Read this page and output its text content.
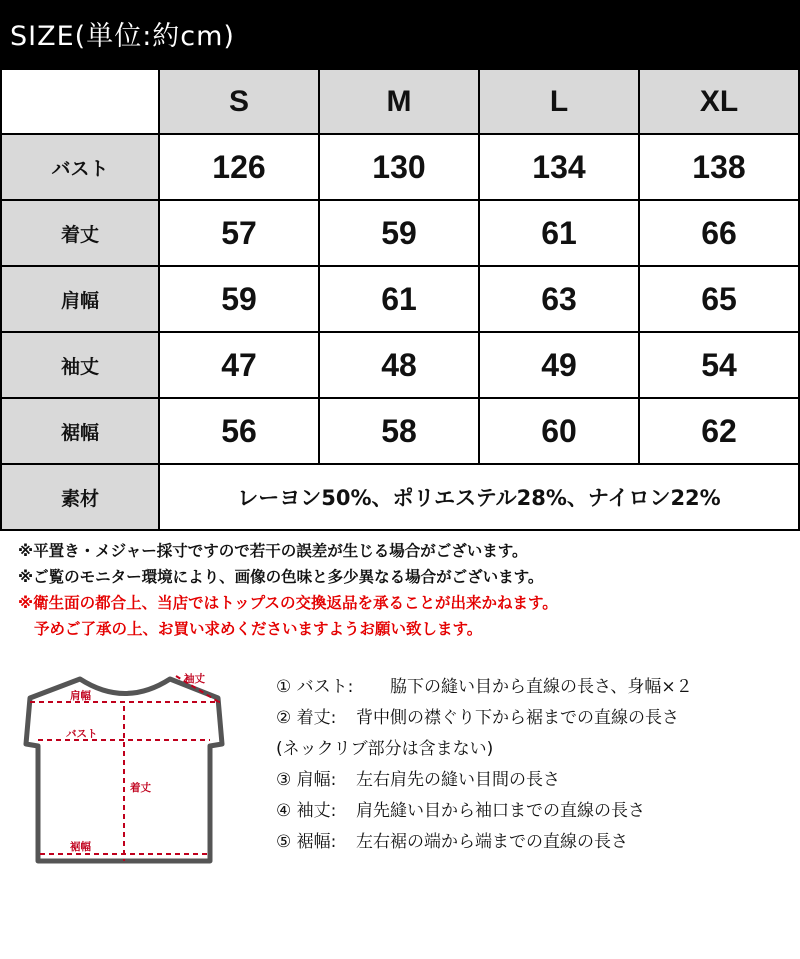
SIZE(単位:約cm)
	S	M	L	XL
バスト	126	130	134	138
着丈	57	59	61	66
肩幅	59	61	63	65
袖丈	47	48	49	54
裾幅	56	58	60	62
素材	レーヨン50%、ポリエステル28%、ナイロン22%			
※平置き・メジャー採寸ですので若干の誤差が生じる場合がございます。
※ご覧のモニター環境により、画像の色味と多少異なる場合がございます。
※衛生面の都合上、当店ではトップスの交換返品を承ることが出来かねます。
予めご了承の上、お買い求めくださいますようお願い致します。
袖丈
肩幅
バスト
着丈
裾幅
① バスト: 脇下の縫い目から直線の長さ、身幅×２
② 着丈: 背中側の襟ぐり下から裾までの直線の長さ
(ネックリブ部分は含まない)
③ 肩幅: 左右肩先の縫い目間の長さ
④ 袖丈: 肩先縫い目から袖口までの直線の長さ
⑤ 裾幅: 左右裾の端から端までの直線の長さ
